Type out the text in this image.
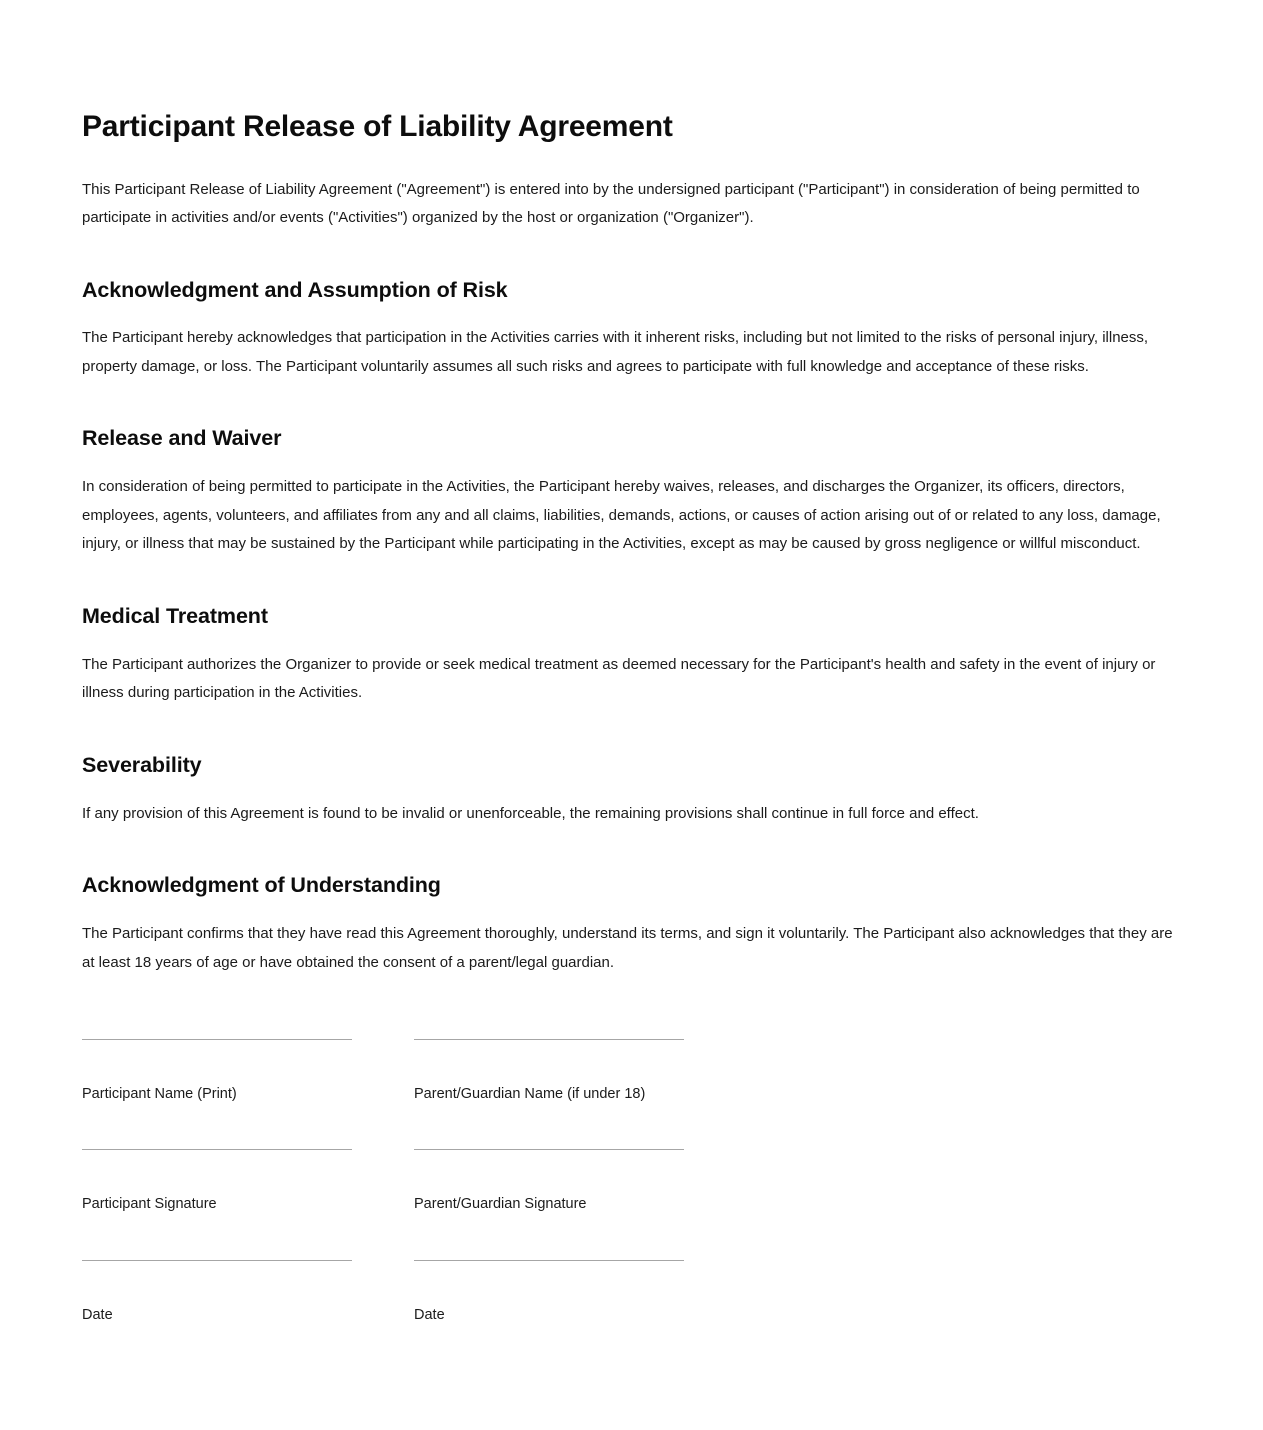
Participant Release of Liability Agreement

This Participant Release of Liability Agreement ("Agreement") is entered into by the undersigned participant ("Participant") in consideration of being permitted to participate in activities and/or events ("Activities") organized by the host or organization ("Organizer").

Acknowledgment and Assumption of Risk

The Participant hereby acknowledges that participation in the Activities carries with it inherent risks, including but not limited to the risks of personal injury, illness, property damage, or loss. The Participant voluntarily assumes all such risks and agrees to participate with full knowledge and acceptance of these risks.

Release and Waiver

In consideration of being permitted to participate in the Activities, the Participant hereby waives, releases, and discharges the Organizer, its officers, directors, employees, agents, volunteers, and affiliates from any and all claims, liabilities, demands, actions, or causes of action arising out of or related to any loss, damage, injury, or illness that may be sustained by the Participant while participating in the Activities, except as may be caused by gross negligence or willful misconduct.

Medical Treatment

The Participant authorizes the Organizer to provide or seek medical treatment as deemed necessary for the Participant's health and safety in the event of injury or illness during participation in the Activities.

Severability

If any provision of this Agreement is found to be invalid or unenforceable, the remaining provisions shall continue in full force and effect.

Acknowledgment of Understanding

The Participant confirms that they have read this Agreement thoroughly, understand its terms, and sign it voluntarily. The Participant also acknowledges that they are at least 18 years of age or have obtained the consent of a parent/legal guardian.

Participant Name (Print)	Parent/Guardian Name (if under 18)
Participant Signature	Parent/Guardian Signature
Date	Date
